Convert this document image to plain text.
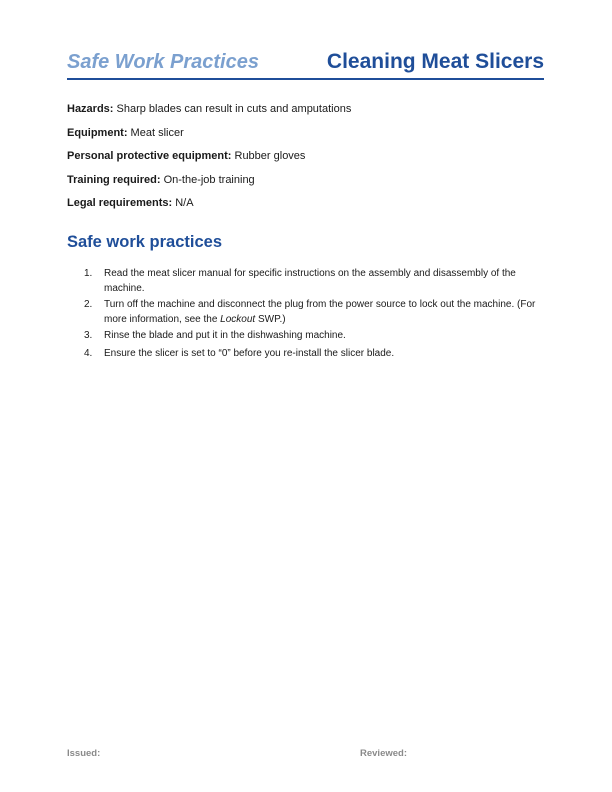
Safe Work Practices	Cleaning Meat Slicers
Hazards: Sharp blades can result in cuts and amputations
Equipment: Meat slicer
Personal protective equipment: Rubber gloves
Training required: On-the-job training
Legal requirements: N/A
Safe work practices
1. Read the meat slicer manual for specific instructions on the assembly and disassembly of the machine.
2. Turn off the machine and disconnect the plug from the power source to lock out the machine. (For more information, see the Lockout SWP.)
3. Rinse the blade and put it in the dishwashing machine.
4. Ensure the slicer is set to “0” before you re-install the slicer blade.
Issued:	Reviewed:
